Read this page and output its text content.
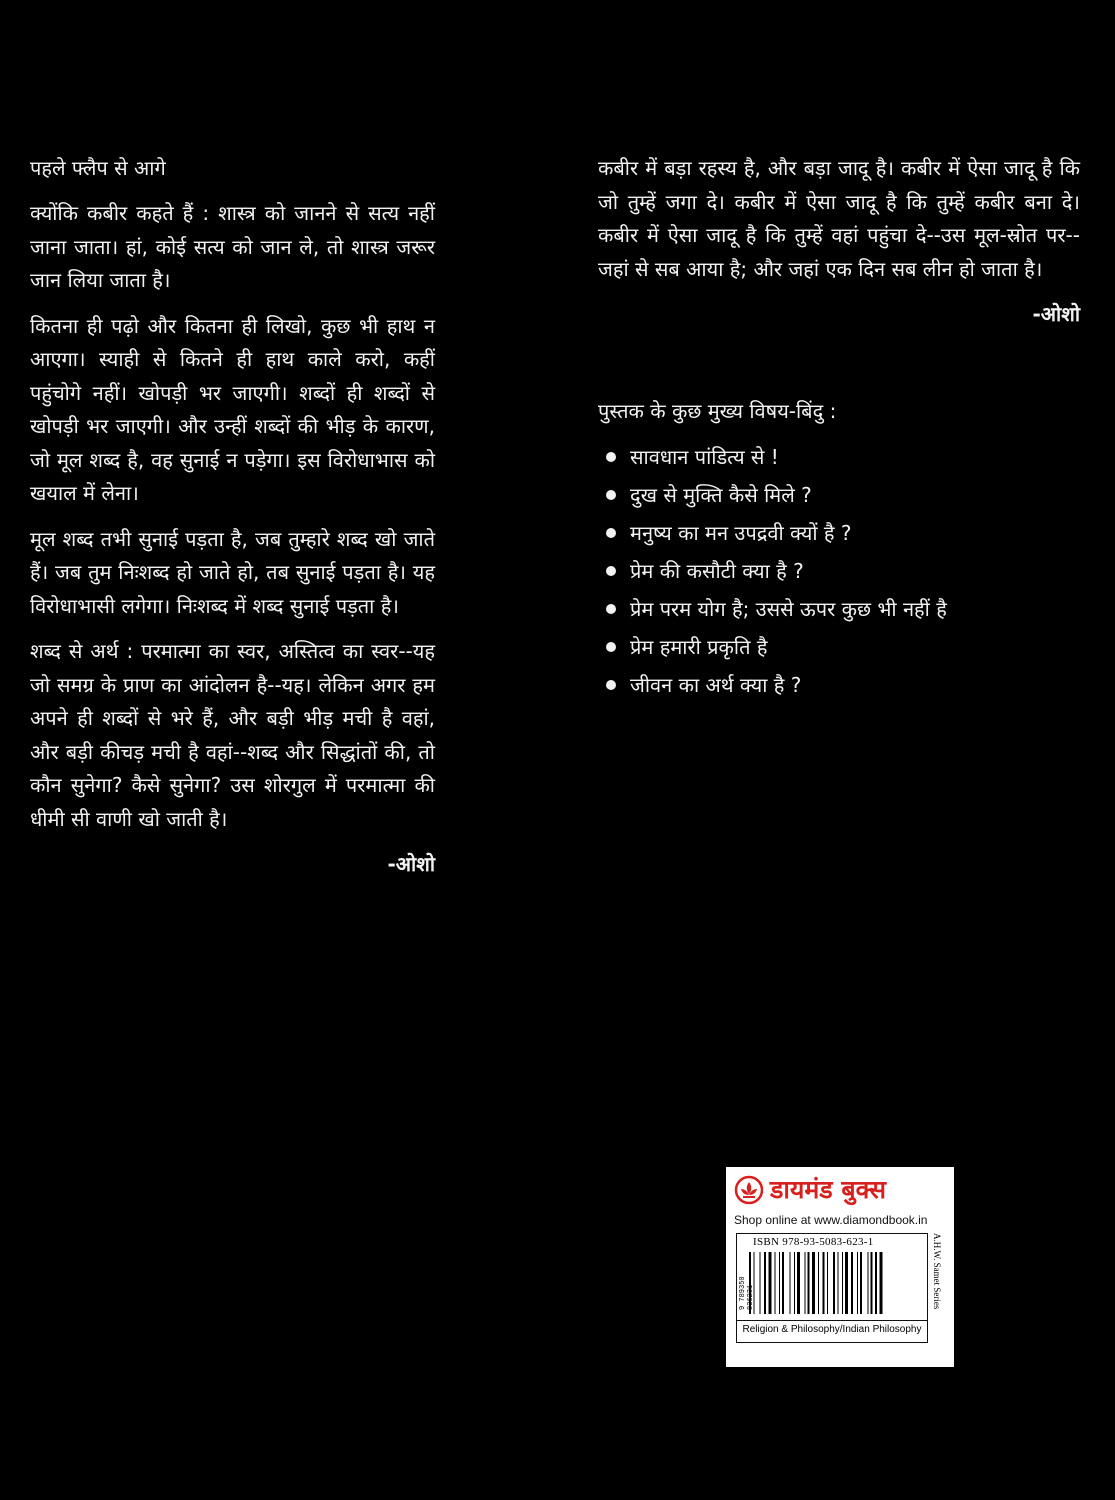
पहले फ्लैप से आगे

क्योंकि कबीर कहते हैं : शास्त्र को जानने से सत्य नहीं जाना जाता। हां, कोई सत्य को जान ले, तो शास्त्र जरूर जान लिया जाता है।

कितना ही पढ़ो और कितना ही लिखो, कुछ भी हाथ न आएगा। स्याही से कितने ही हाथ काले करो, कहीं पहुंचोगे नहीं। खोपड़ी भर जाएगी। शब्दों ही शब्दों से खोपड़ी भर जाएगी। और उन्हीं शब्दों की भीड़ के कारण, जो मूल शब्द है, वह सुनाई न पड़ेगा। इस विरोधाभास को खयाल में लेना।

मूल शब्द तभी सुनाई पड़ता है, जब तुम्हारे शब्द खो जाते हैं। जब तुम निःशब्द हो जाते हो, तब सुनाई पड़ता है। यह विरोधाभासी लगेगा। निःशब्द में शब्द सुनाई पड़ता है।

शब्द से अर्थ : परमात्मा का स्वर, अस्तित्व का स्वर--यह जो समग्र के प्राण का आंदोलन है--यह। लेकिन अगर हम अपने ही शब्दों से भरे हैं, और बड़ी भीड़ मची है वहां, और बड़ी कीचड़ मची है वहां--शब्द और सिद्धांतों की, तो कौन सुनेगा? कैसे सुनेगा? उस शोरगुल में परमात्मा की धीमी सी वाणी खो जाती है।

-ओशो

कबीर में बड़ा रहस्य है, और बड़ा जादू है। कबीर में ऐसा जादू है कि जो तुम्हें जगा दे। कबीर में ऐसा जादू है कि तुम्हें कबीर बना दे। कबीर में ऐसा जादू है कि तुम्हें वहां पहुंचा दे--उस मूल-स्रोत पर--जहां से सब आया है; और जहां एक दिन सब लीन हो जाता है।

-ओशो

पुस्तक के कुछ मुख्य विषय-बिंदु :

सावधान पांडित्य से !
दुख से मुक्ति कैसे मिले ?
मनुष्य का मन उपद्रवी क्यों है ?
प्रेम की कसौटी क्या है ?
प्रेम परम योग है; उससे ऊपर कुछ भी नहीं है
प्रेम हमारी प्रकृति है
जीवन का अर्थ क्या है ?
डायमंड बुक्स
Shop online at www.diamondbook.in
ISBN 978-93-5083-623-1
9 789350
Religion & Philosophy/Indian Philosophy
A.H.W. Samet Series
